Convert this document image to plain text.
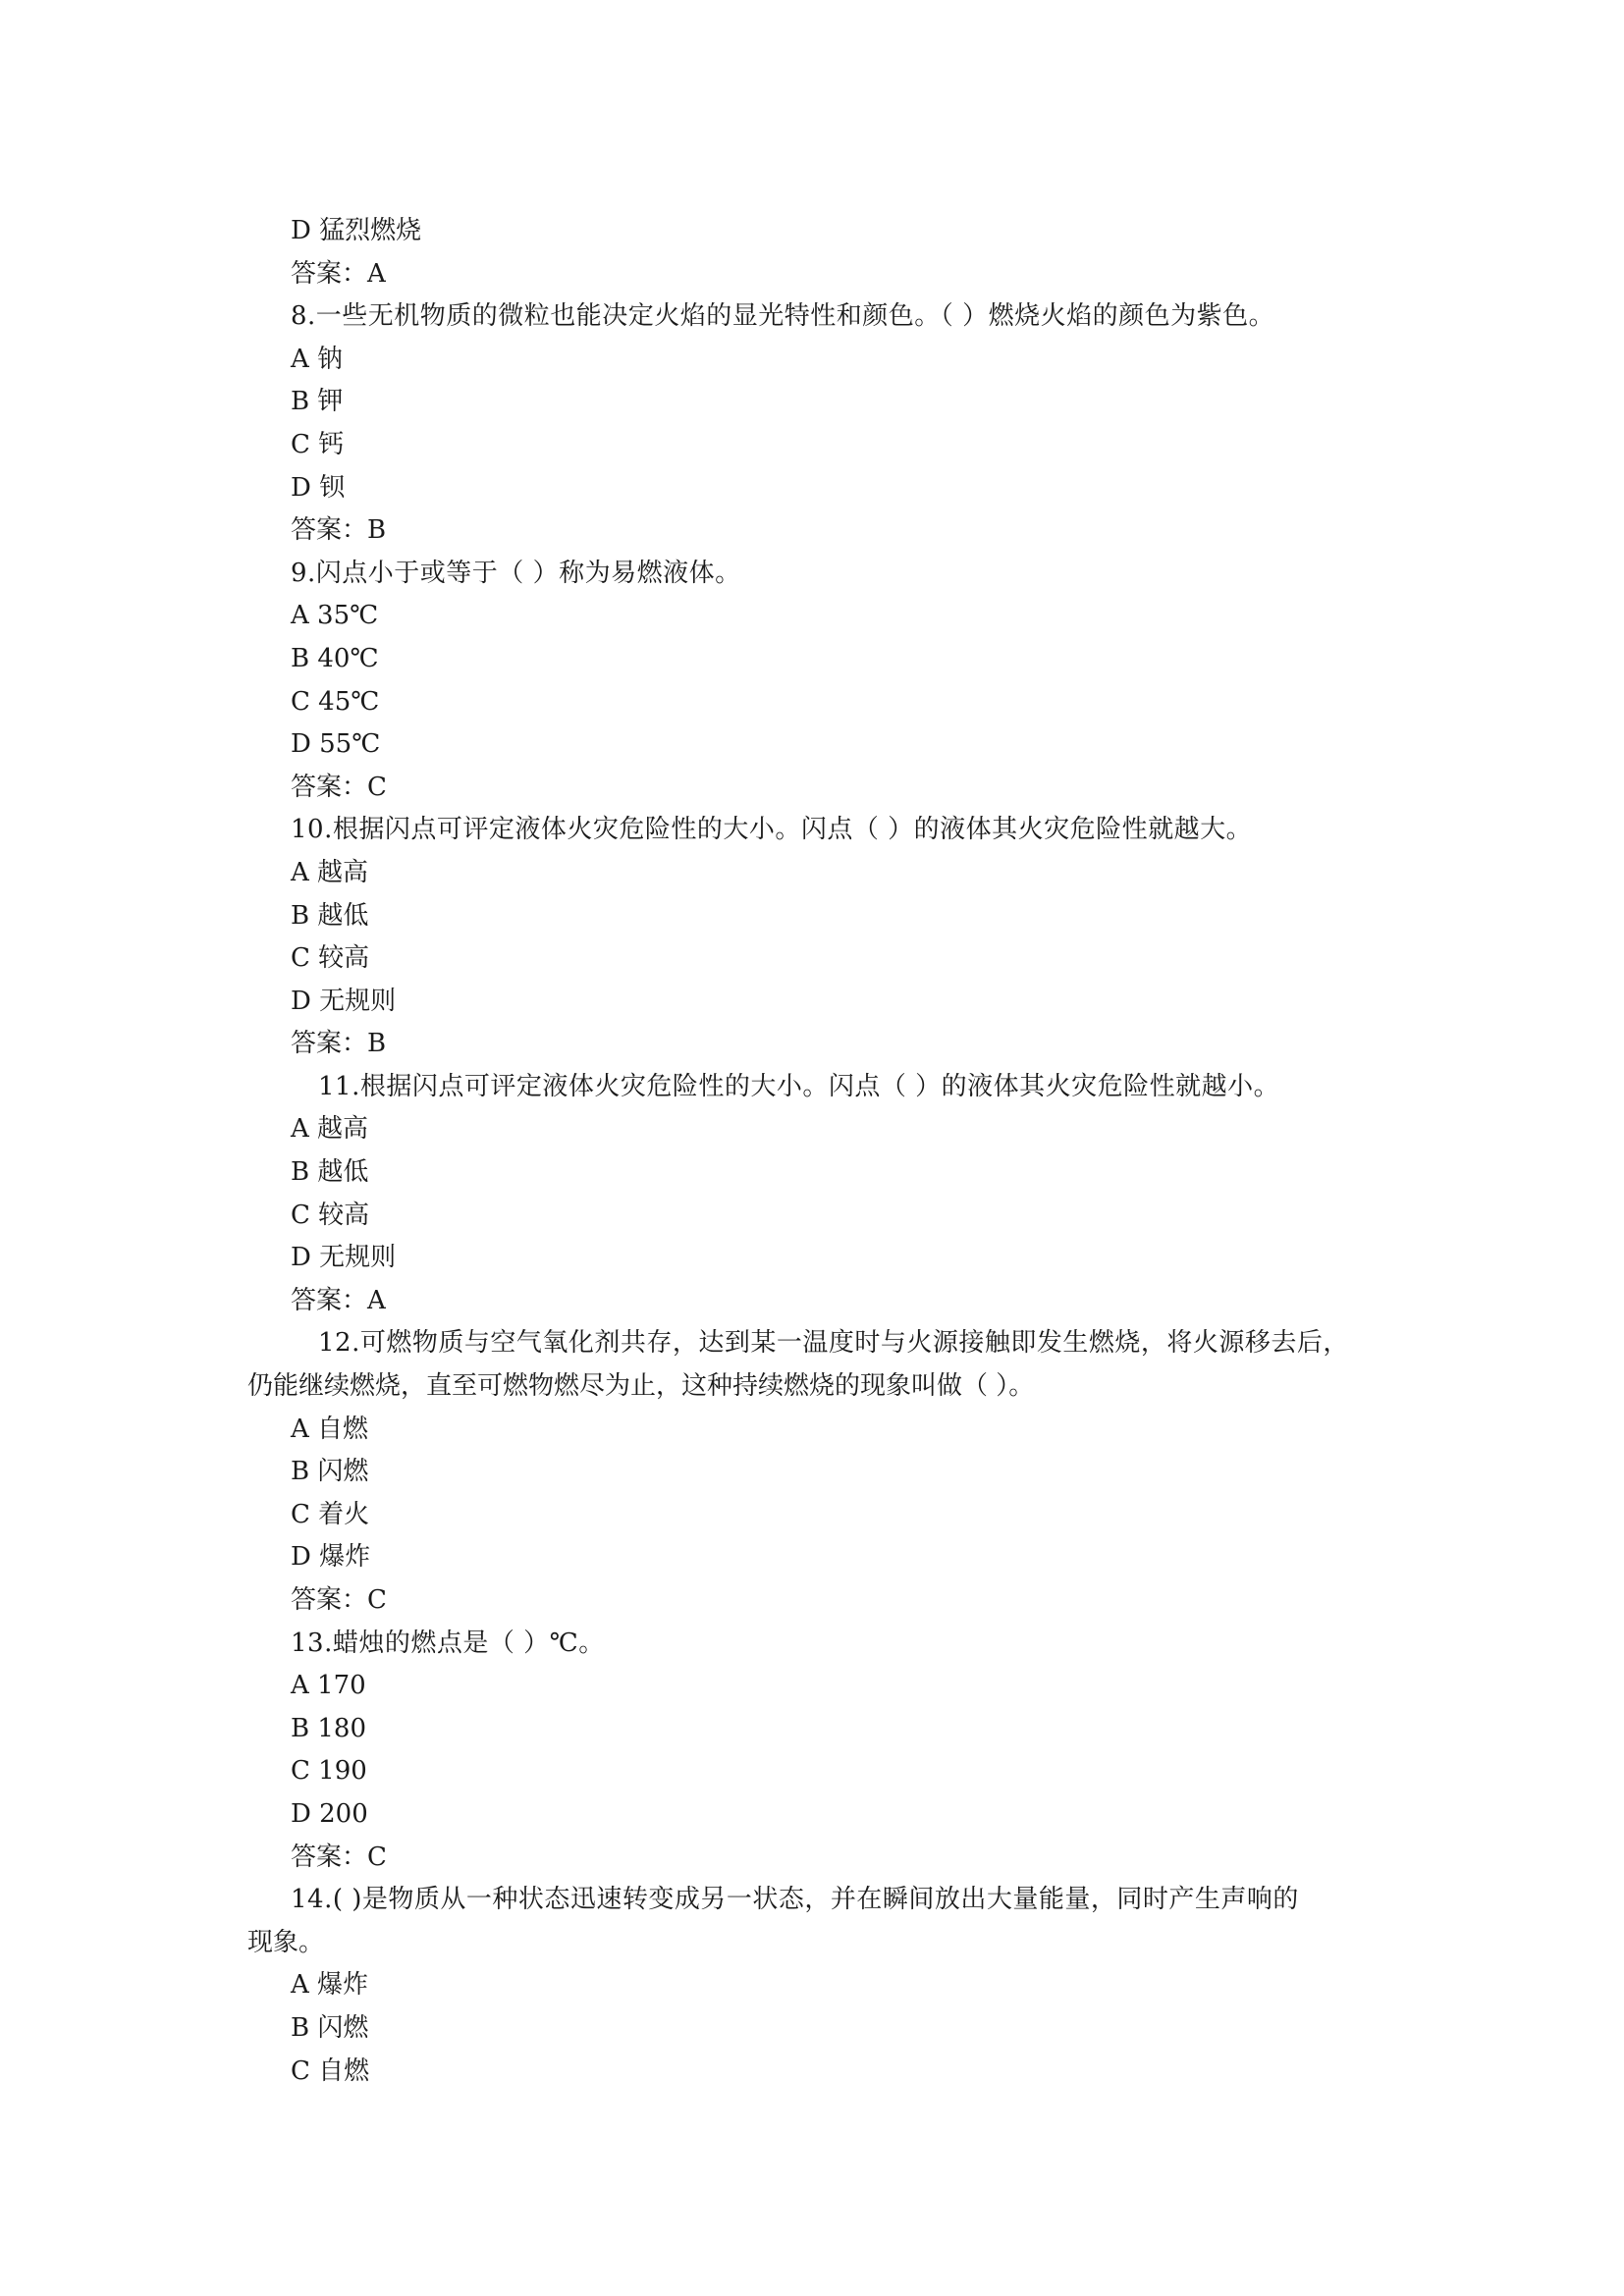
D 猛烈燃烧

答案：A

8.一些无机物质的微粒也能决定火焰的显光特性和颜色。（ ）燃烧火焰的颜色为紫色。

A 钠

B 钾

C 钙

D 钡

答案：B

9.闪点小于或等于（ ）称为易燃液体。

A 35℃

B 40℃

C 45℃

D 55℃

答案：C

10.根据闪点可评定液体火灾危险性的大小。闪点（ ）的液体其火灾危险性就越大。

A 越高

B 越低

C 较高

D 无规则

答案：B

11.根据闪点可评定液体火灾危险性的大小。闪点（ ）的液体其火灾危险性就越小。

A 越高

B 越低

C 较高

D 无规则

答案：A

12.可燃物质与空气氧化剂共存，达到某一温度时与火源接触即发生燃烧，将火源移去后，

仍能继续燃烧，直至可燃物燃尽为止，这种持续燃烧的现象叫做（ ）。

A 自燃

B 闪燃

C 着火

D 爆炸

答案：C

13.蜡烛的燃点是（ ）℃。

A 170

B 180

C 190

D 200

答案：C

14.( )是物质从一种状态迅速转变成另一状态，并在瞬间放出大量能量，同时产生声响的

现象。

A 爆炸

B 闪燃

C 自燃
